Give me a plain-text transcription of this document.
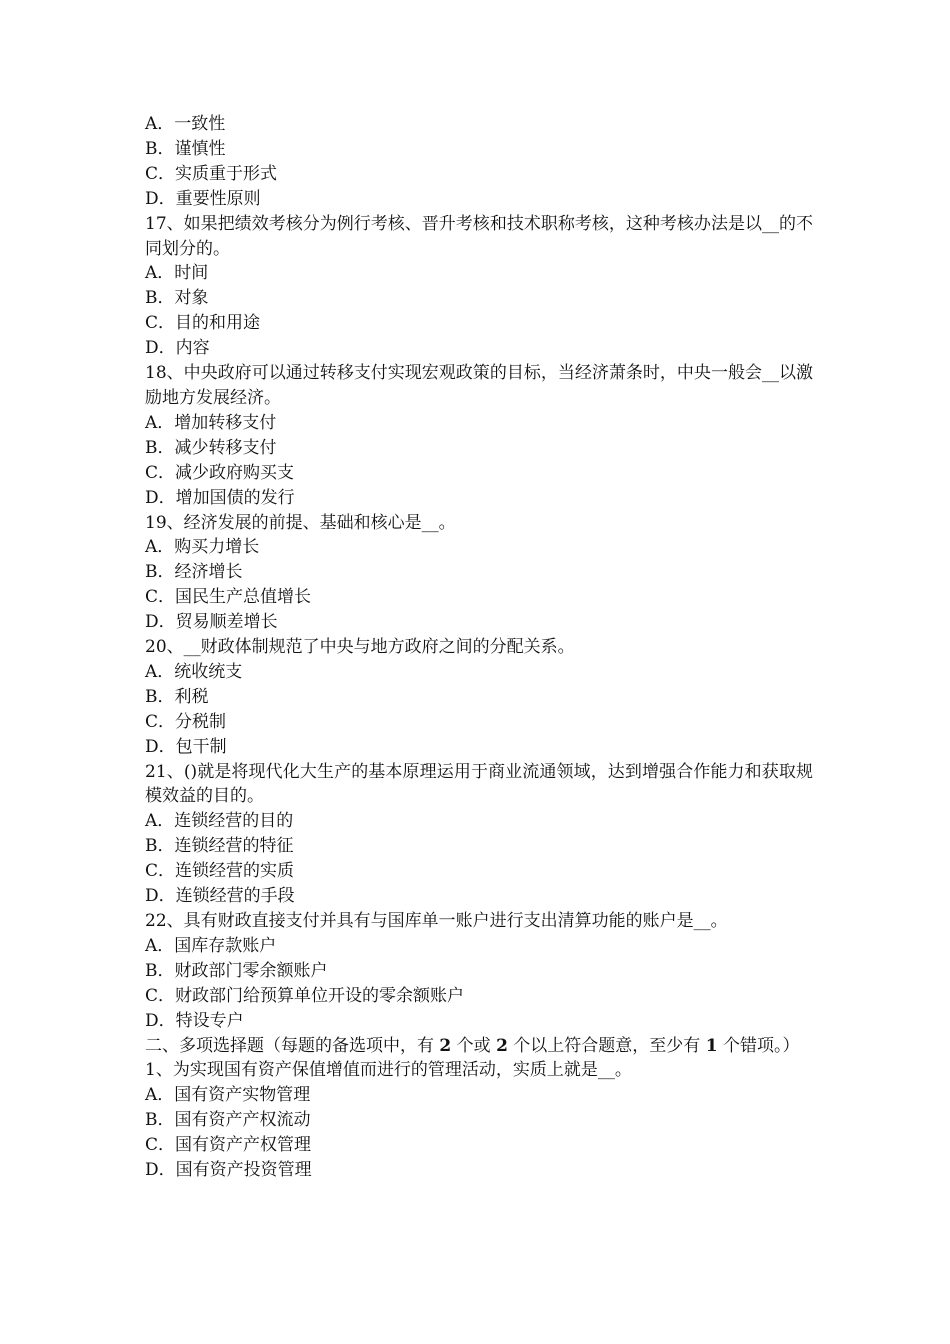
A．一致性
B．谨慎性
C．实质重于形式
D．重要性原则
17、如果把绩效考核分为例行考核、晋升考核和技术职称考核，这种考核办法是以__的不同划分的。
A．时间
B．对象
C．目的和用途
D．内容
18、中央政府可以通过转移支付实现宏观政策的目标，当经济萧条时，中央一般会__以激励地方发展经济。
A．增加转移支付
B．减少转移支付
C．减少政府购买支
D．增加国债的发行
19、经济发展的前提、基础和核心是__。
A．购买力增长
B．经济增长
C．国民生产总值增长
D．贸易顺差增长
20、__财政体制规范了中央与地方政府之间的分配关系。
A．统收统支
B．利税
C．分税制
D．包干制
21、()就是将现代化大生产的基本原理运用于商业流通领域，达到增强合作能力和获取规模效益的目的。
A．连锁经营的目的
B．连锁经营的特征
C．连锁经营的实质
D．连锁经营的手段
22、具有财政直接支付并具有与国库单一账户进行支出清算功能的账户是__。
A．国库存款账户
B．财政部门零余额账户
C．财政部门给预算单位开设的零余额账户
D．特设专户
二、多项选择题（每题的备选项中，有 2 个或 2 个以上符合题意，至少有 1 个错项。）
1、为实现国有资产保值增值而进行的管理活动，实质上就是__。
A．国有资产实物管理
B．国有资产产权流动
C．国有资产产权管理
D．国有资产投资管理
